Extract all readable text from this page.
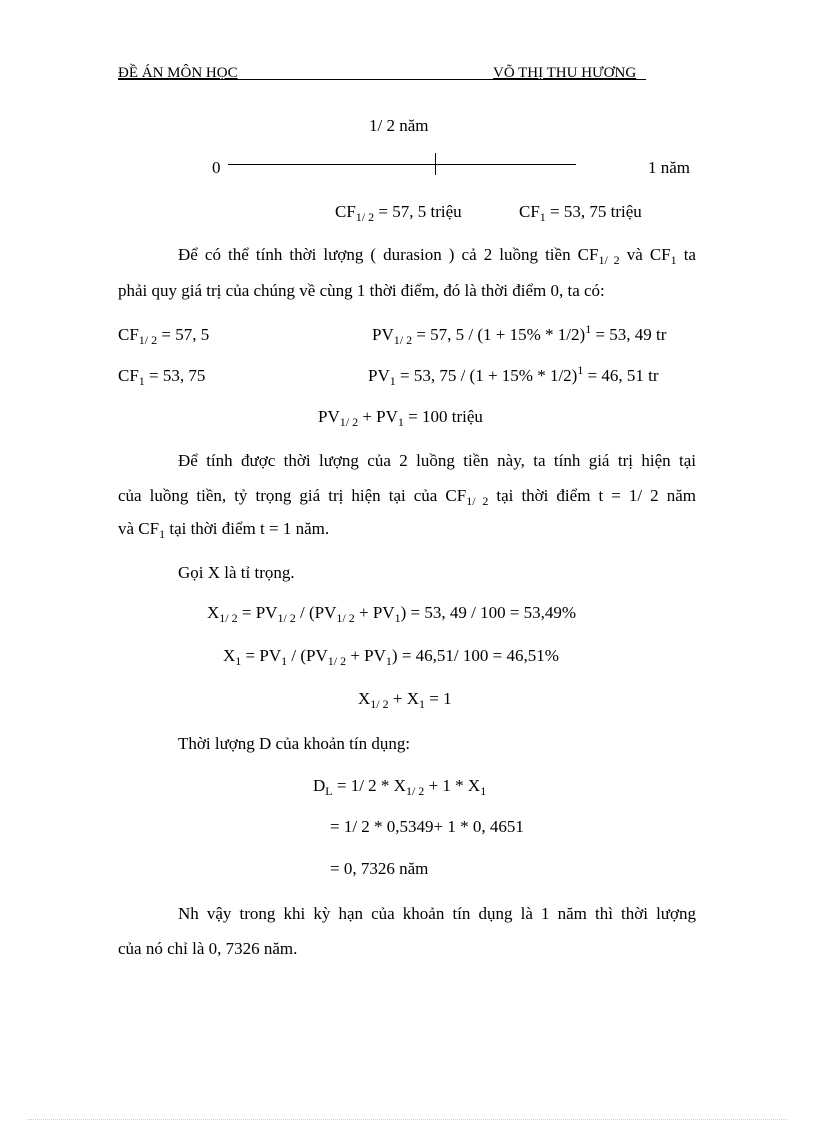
ĐỀ ÁN MÔN HỌC	VÕ THỊ THU HƯƠNG
1/ 2 năm
0	1 năm
$CF_{1/ 2} = 57$, 5 triệu	$CF_1 = 53$, 75 triệu
Để có thể tính thời lượng ( durasion ) cả 2 luồng tiền $CF_{1/ 2}$ và $CF_1$ ta
phải quy giá trị của chúng về cùng 1 thời điểm, đó là thời điểm 0, ta có:
$CF_{1/ 2} = 57$, 5	$PV_{1/ 2} = 57$, $5 / (1 + 15\% * 1/2)^1 = 53$, 49 tr
$CF_1 = 53$, 75	$PV_1 = 53$, $75 / (1 + 15\% * 1/2)^1 = 46$, 51 tr
$PV_{1/ 2} + PV_1 = 100$ triệu
Để tính được thời lượng của 2 luồng tiền này, ta tính giá trị hiện tại
của luồng tiền, tỷ trọng giá trị hiện tại của $CF_{1/ 2}$ tại thời điểm t = 1/ 2 năm
và $CF_1$ tại thời điểm t = 1 năm.
Gọi X là tỉ trọng.
$X_{1/ 2} = PV_{1/ 2} / (PV_{1/ 2} + PV_1) = 53$, 49 / 100 = 53,49%
$X_1 = PV_1 / (PV_{1/ 2} + PV_1) = 46,51/$ 100 = 46,51%
$X_{1/ 2} + X_1 = 1$
Thời lượng D của khoản tín dụng:
$D_L = 1/$ $2 * X_{1/ 2} + 1 * X_1$
= 1/ 2 * 0,5349+ 1 * 0, 4651
= 0, 7326 năm
Nh vậy trong khi kỳ hạn của khoản tín dụng là 1 năm thì thời lượng
của nó chỉ là 0, 7326 năm.
